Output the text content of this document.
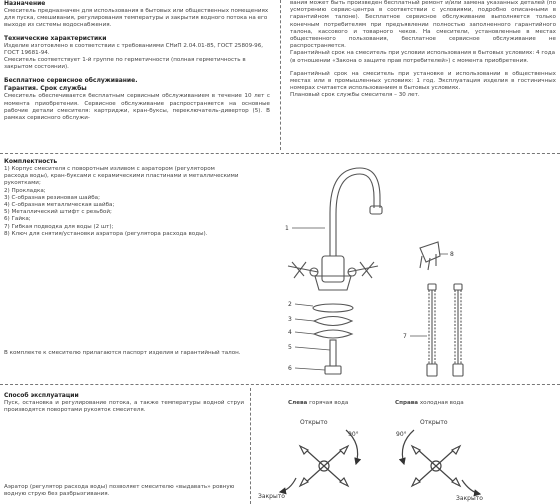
Назначение

Смеситель предназначен для использования в бытовых или общественных помещениях для пуска, смешивания, регулирования температуры и закрытия водного потока на его выходе из системы водоснабжения.

Технические характеристики

Изделие изготовлено в соответствии с требованиями СНиП 2.04.01-85, ГОСТ 25809-96, ГОСТ 19681-94.

Смеситель соответствует 1-й группе по герметичности (полная герметичность в закрытом состоянии).

Бесплатное сервисное обслуживание.
Гарантия. Срок службы

Смеситель обеспечивается бесплатным сервисным обслуживанием в течение 10 лет с момента приобретения. Сервисное обслуживание распространяется на основные рабочие детали смесителя: картриджи, кран-буксы, переключатель-дивертор (5). В рамках сервисного обслужи-

вания может быть произведен бесплатный ремонт и/или замена указанных деталей (по усмотрению сервис-центра в соответствии с условиями, подробно описанными в гарантийном талоне). Бесплатное сервисное обслуживание выполняется только конечным потребителям при предъявлении полностью заполненного гарантийного талона, кассового и товарного чеков. На смесители, установленные в местах общественного пользования, бесплатное сервисное обслуживание не распространяется.

Гарантийный срок на смеситель при условии использования в бытовых условиях: 4 года (в отношении «Закона о защите прав потребителей») с момента приобретения.

Гарантийный срок на смеситель при установке и использовании в общественных местах или в промышленных условиях: 1 год. Эксплуатация изделия в гостиничных номерах считается использованием в бытовых условиях.

Плановый срок службы смесителя – 30 лет.

Комплектность
1) Корпус смесителя с поворотным изливом с аэратором (регулятором расхода воды), кран-буксами с керамическими пластинами и металлическими рукоятками;
2) Прокладка;
3) С-образная резиновая шайба;
4) С-образная металлическая шайба;
5) Металлический штифт с резьбой;
6) Гайка;
7) Гибкая подводка для воды (2 шт);
8) Ключ для снятия/установки аэратора (регулятора расхода воды).

В комплекте к смесителю прилагаются паспорт изделия и гарантийный талон.

1
2
3
4
5
6
7
8
Способ эксплуатации

Пуск, остановка и регулирование потока, а также температуры водной струи производятся поворотами рукояток смесителя.

Аэратор (регулятор расхода воды) позволяет смесителю «выдавать» ровную водную струю без разбрызгивания.

Слева горячая вода	Справа холодная вода
Открыто
90°
Закрыто
Открыто
90°
Закрыто
